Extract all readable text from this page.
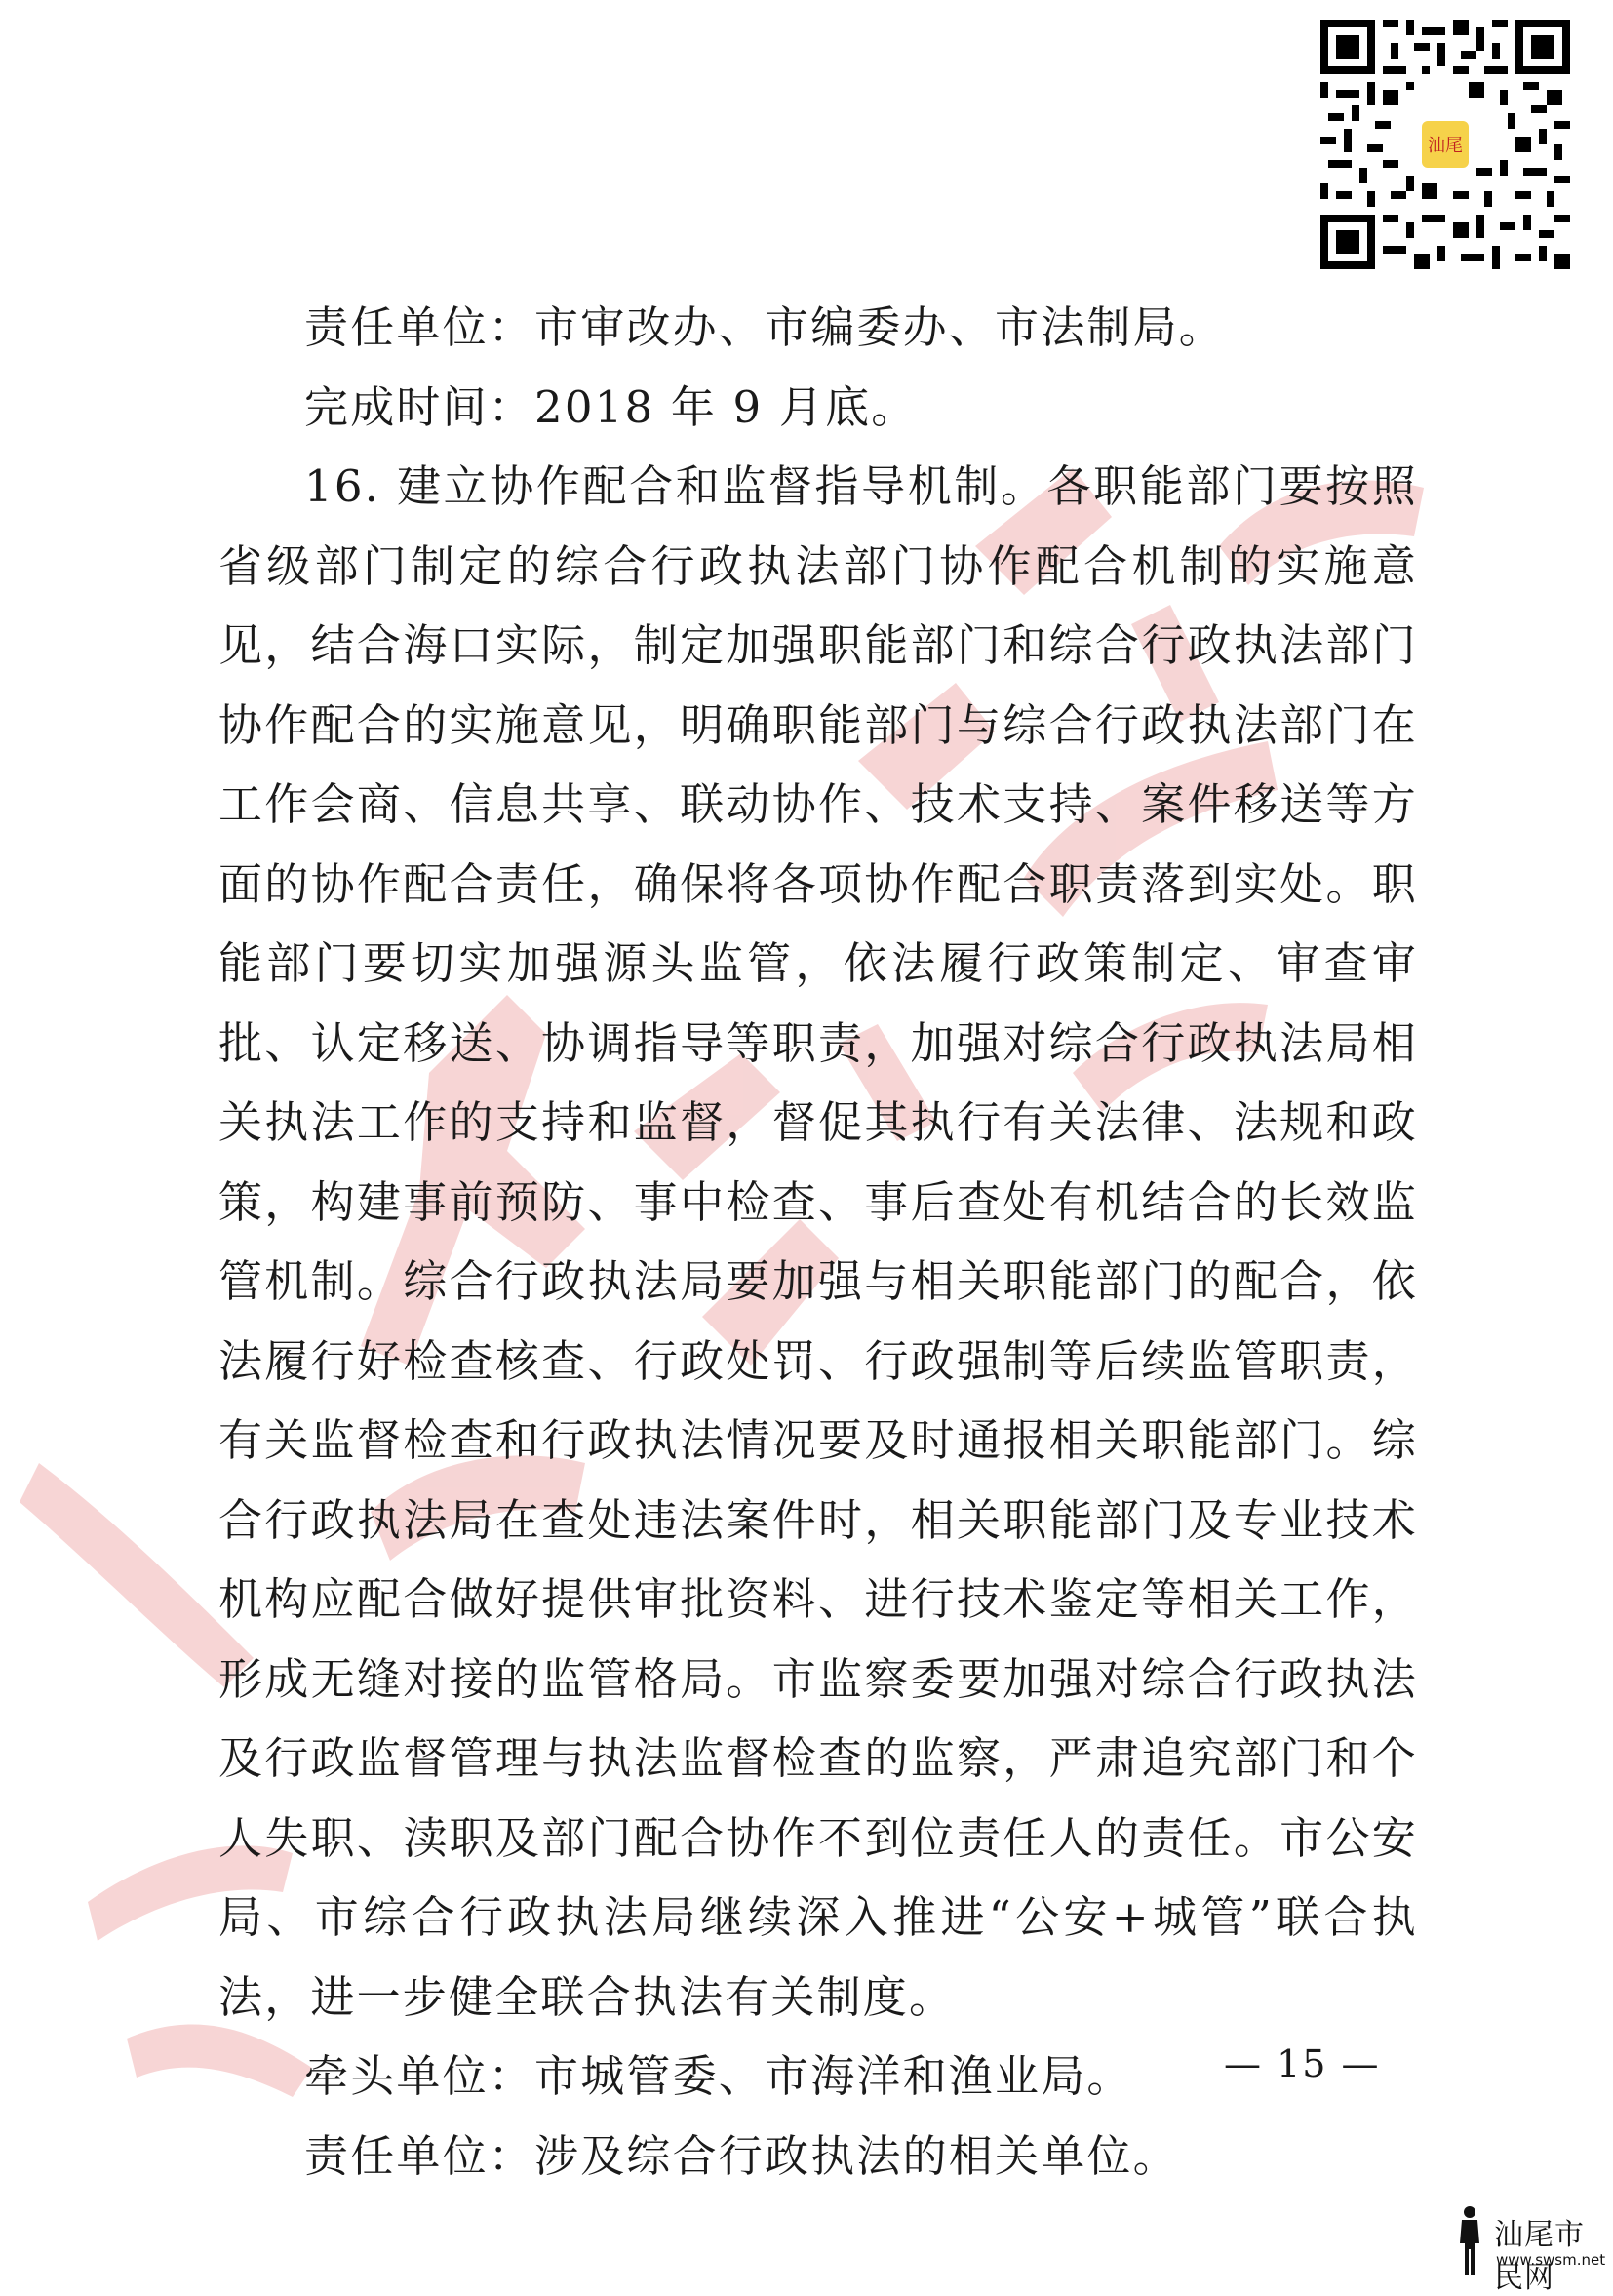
汕尾

责任单位：市审改办、市编委办、市法制局。

完成时间：2018 年 9 月底。

16. 建立协作配合和监督指导机制。各职能部门要按照省级部门制定的综合行政执法部门协作配合机制的实施意见，结合海口实际，制定加强职能部门和综合行政执法部门协作配合的实施意见，明确职能部门与综合行政执法部门在工作会商、信息共享、联动协作、技术支持、案件移送等方面的协作配合责任，确保将各项协作配合职责落到实处。职能部门要切实加强源头监管，依法履行政策制定、审查审批、认定移送、协调指导等职责，加强对综合行政执法局相关执法工作的支持和监督，督促其执行有关法律、法规和政策，构建事前预防、事中检查、事后查处有机结合的长效监管机制。综合行政执法局要加强与相关职能部门的配合，依法履行好检查核查、行政处罚、行政强制等后续监管职责，有关监督检查和行政执法情况要及时通报相关职能部门。综合行政执法局在查处违法案件时，相关职能部门及专业技术机构应配合做好提供审批资料、进行技术鉴定等相关工作，形成无缝对接的监管格局。市监察委要加强对综合行政执法及行政监督管理与执法监督检查的监察，严肃追究部门和个人失职、渎职及部门配合协作不到位责任人的责任。市公安局、市综合行政执法局继续深入推进“公安+城管”联合执法，进一步健全联合执法有关制度。

牵头单位：市城管委、市海洋和渔业局。

责任单位：涉及综合行政执法的相关单位。

— 15 —
汕尾市民网
www.swsm.net
